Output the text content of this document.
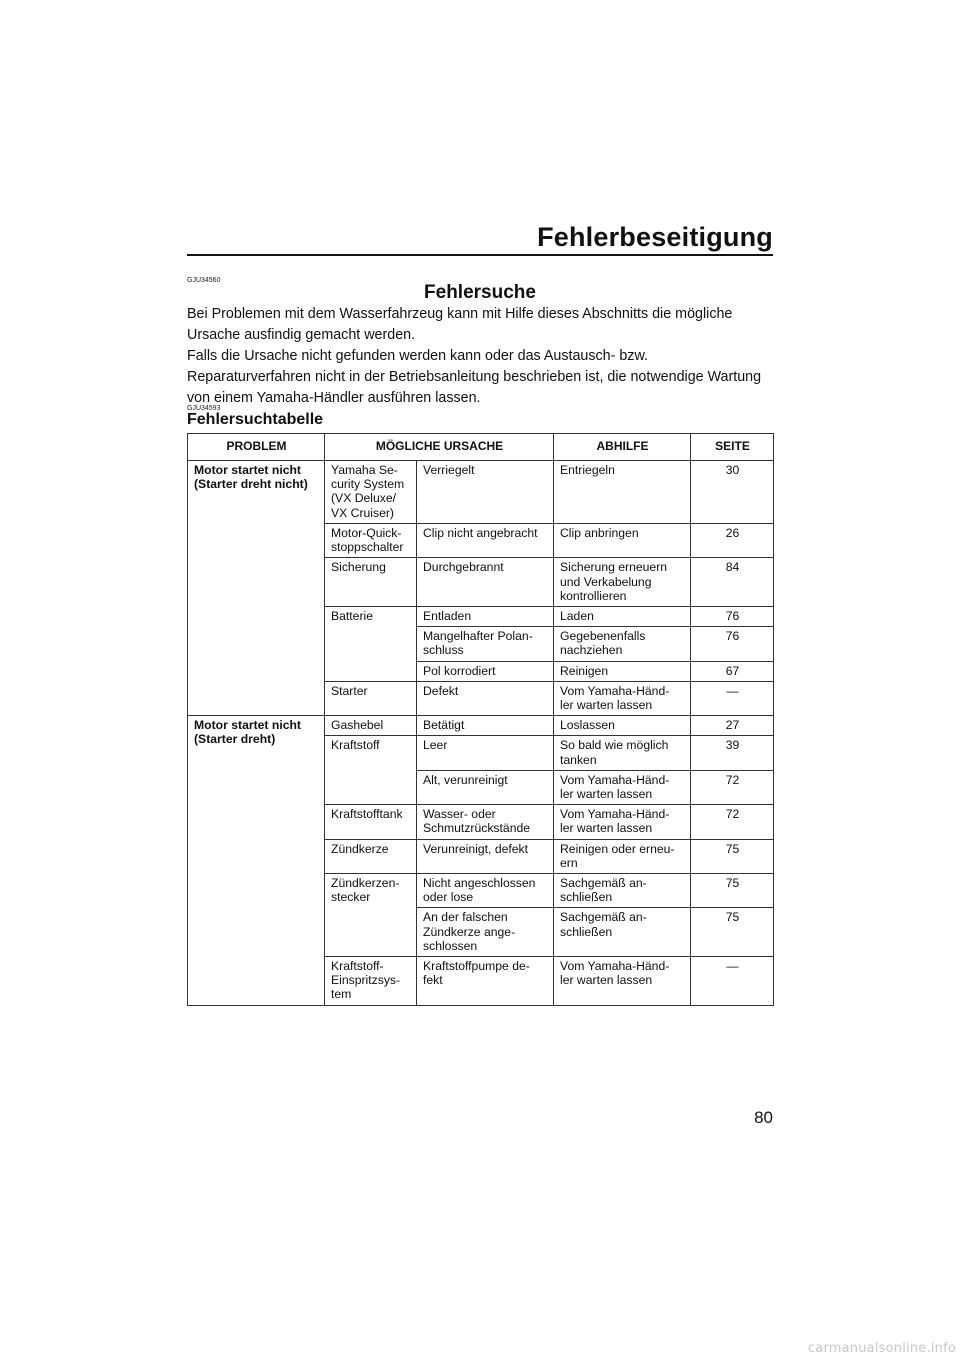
Fehlerbeseitigung
GJU34560
Fehlersuche

Bei Problemen mit dem Wasserfahrzeug kann mit Hilfe dieses Abschnitts die mögliche Ursache ausfindig gemacht werden.

Falls die Ursache nicht gefunden werden kann oder das Austausch- bzw. Reparaturverfahren nicht in der Betriebsanleitung beschrieben ist, die notwendige Wartung von einem Yamaha-Händler ausführen lassen.

GJU34593
Fehlersuchtabelle
PROBLEM	MÖGLICHE URSACHE		ABHILFE	SEITE
Motor startet nicht
(Starter dreht nicht)	Yamaha Se-
curity System
(VX Deluxe/
VX Cruiser)	Verriegelt	Entriegeln	30
	Motor-Quick-
stoppschalter	Clip nicht angebracht	Clip anbringen	26
	Sicherung	Durchgebrannt	Sicherung erneuern
und Verkabelung
kontrollieren	84
	Batterie	Entladen	Laden	76
		Mangelhafter Polan-
schluss	Gegebenenfalls
nachziehen	76
		Pol korrodiert	Reinigen	67
	Starter	Defekt	Vom Yamaha-Händ-
ler warten lassen	—
Motor startet nicht
(Starter dreht)	Gashebel	Betätigt	Loslassen	27
	Kraftstoff	Leer	So bald wie möglich
tanken	39
		Alt, verunreinigt	Vom Yamaha-Händ-
ler warten lassen	72
	Kraftstofftank	Wasser- oder
Schmutzrückstände	Vom Yamaha-Händ-
ler warten lassen	72
	Zündkerze	Verunreinigt, defekt	Reinigen oder erneu-
ern	75
	Zündkerzen-
stecker	Nicht angeschlossen
oder lose	Sachgemäß an-
schließen	75
		An der falschen
Zündkerze ange-
schlossen	Sachgemäß an-
schließen	75
	Kraftstoff-
Einspritzsys-
tem	Kraftstoffpumpe de-
fekt	Vom Yamaha-Händ-
ler warten lassen	—
80
carmanualsonline.info
